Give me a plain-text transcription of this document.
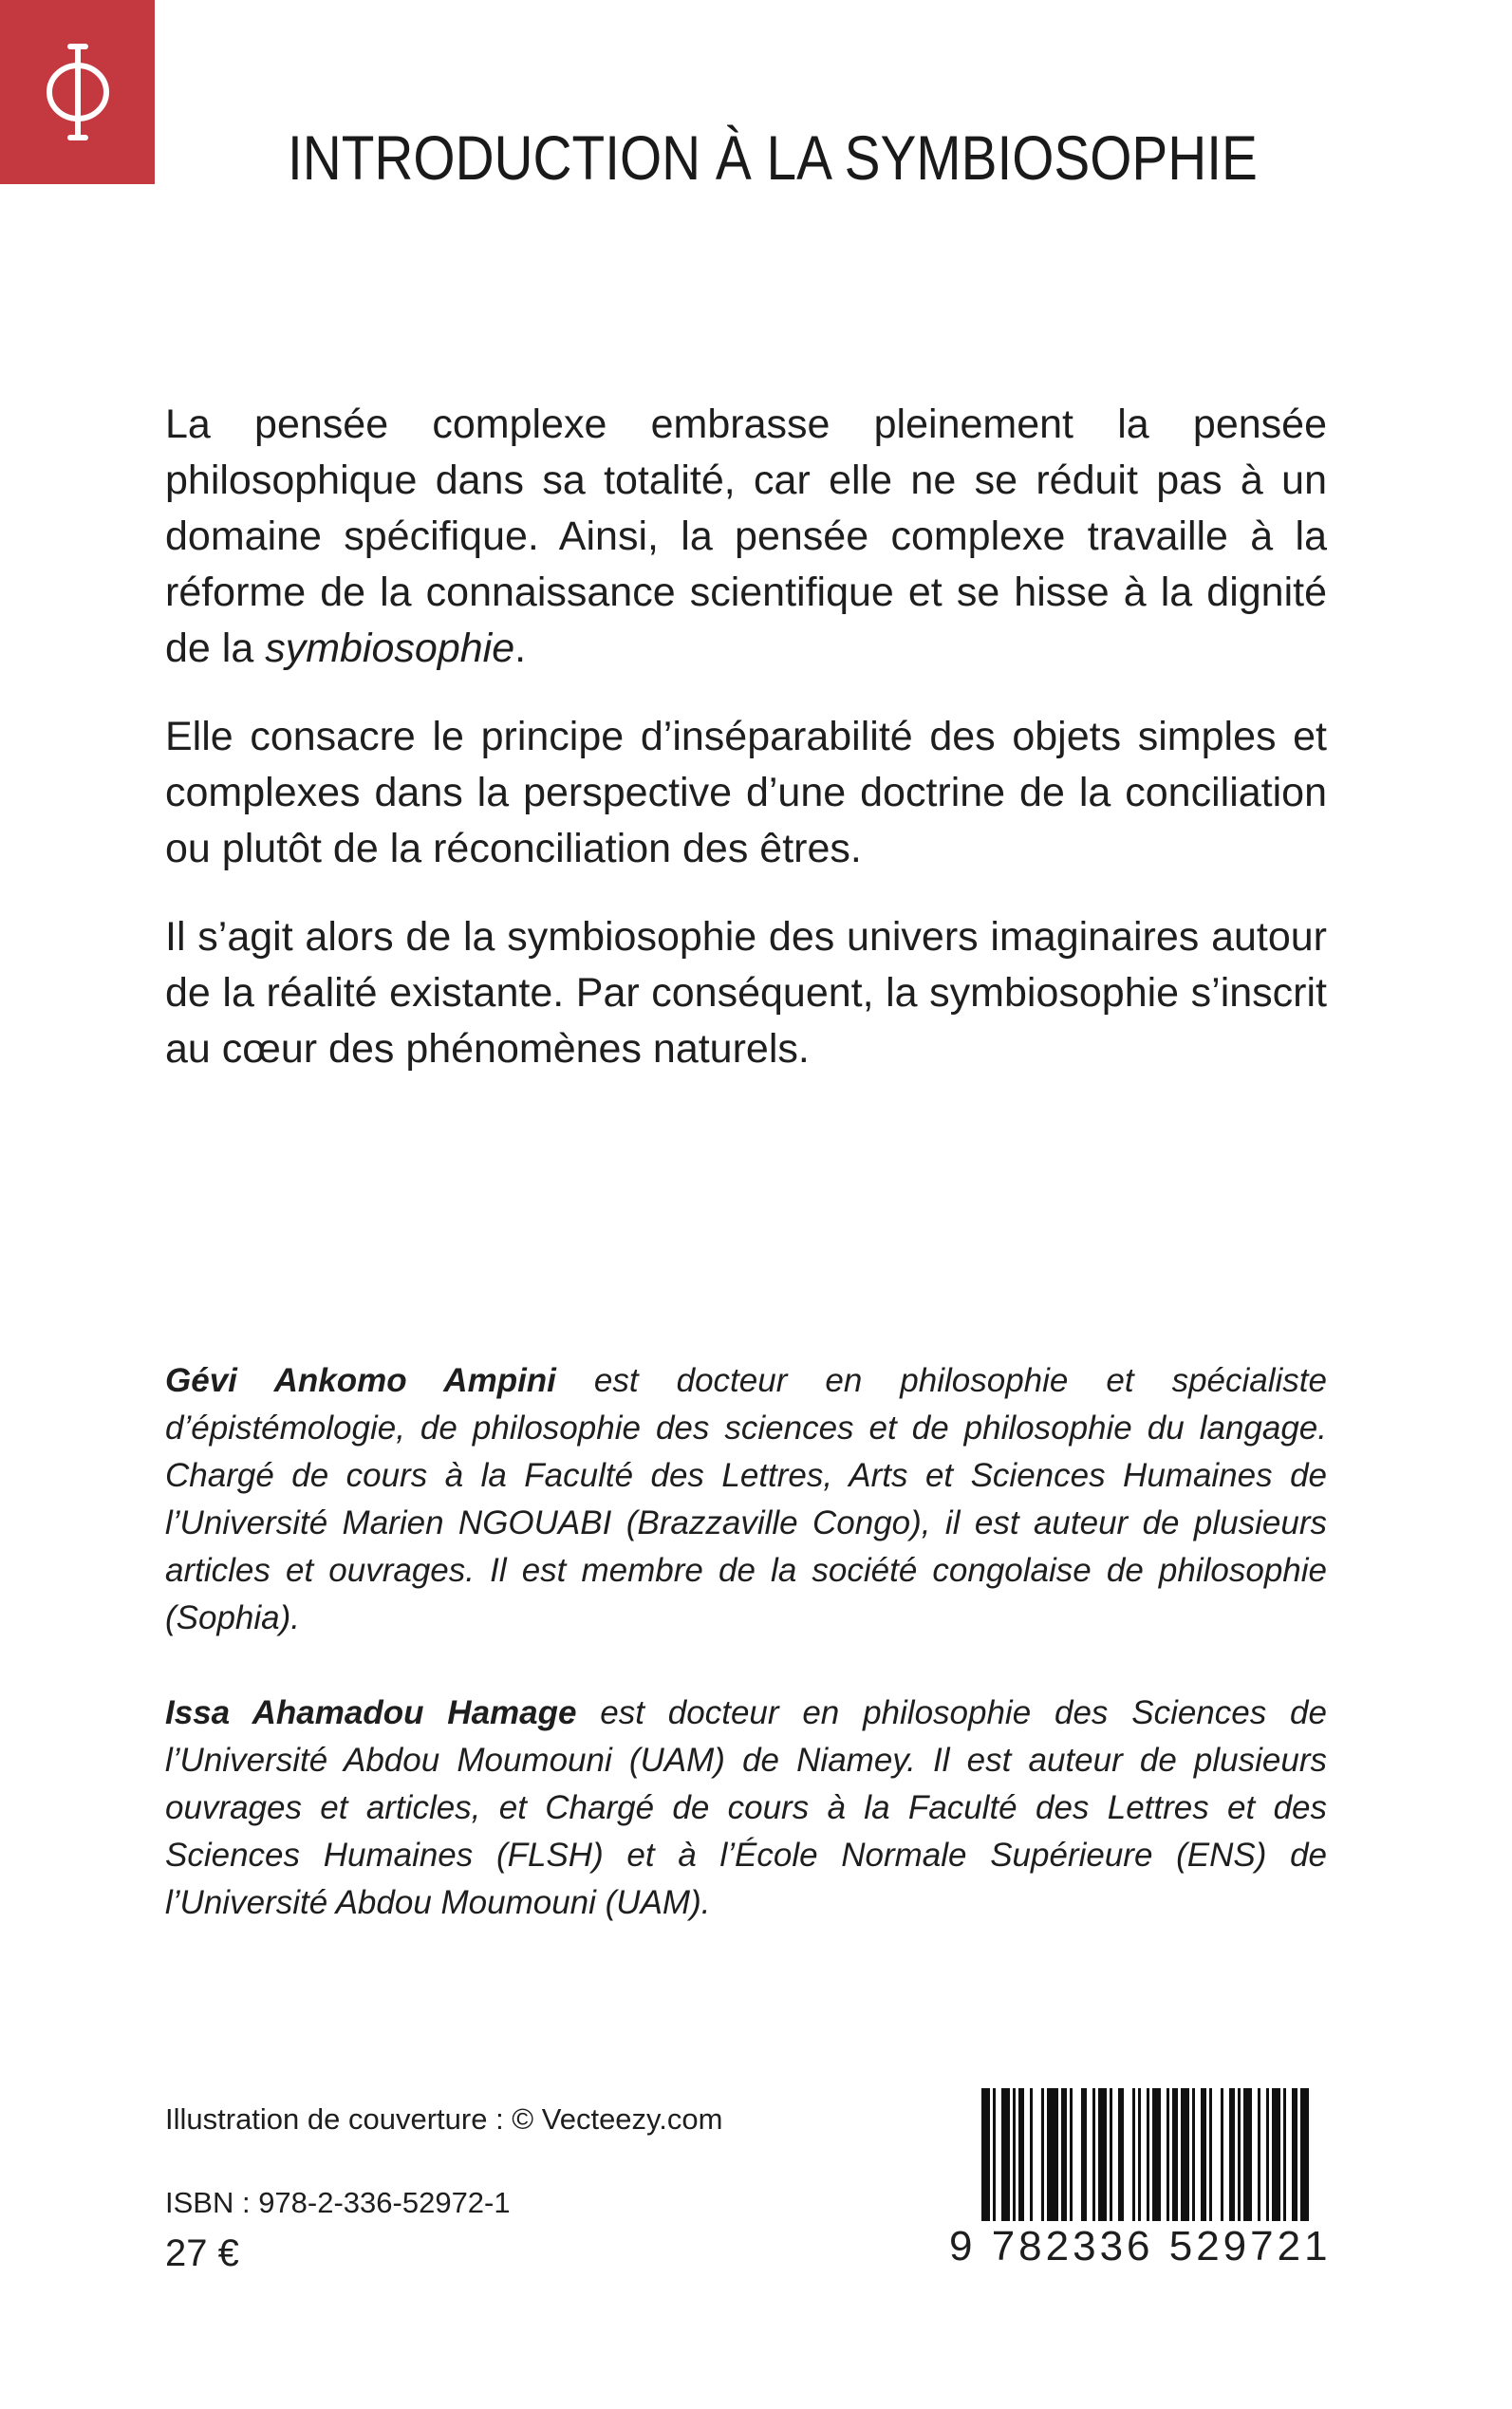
INTRODUCTION À LA SYMBIOSOPHIE

La pensée complexe embrasse pleinement la pensée philosophique dans sa totalité, car elle ne se réduit pas à un domaine spécifique. Ainsi, la pensée complexe travaille à la réforme de la connaissance scientifique et se hisse à la dignité de la symbiosophie.

Elle consacre le principe d’inséparabilité des objets simples et complexes dans la perspective d’une doctrine de la conciliation ou plutôt de la réconciliation des êtres.

Il s’agit alors de la symbiosophie des univers imaginaires autour de la réalité existante. Par conséquent, la symbiosophie s’inscrit au cœur des phénomènes naturels.

Gévi Ankomo Ampini est docteur en philosophie et spécialiste d’épistémologie, de philosophie des sciences et de philosophie du langage. Chargé de cours à la Faculté des Lettres, Arts et Sciences Humaines de l’Université Marien NGOUABI (Brazzaville Congo), il est auteur de plusieurs articles et ouvrages. Il est membre de la société congolaise de philosophie (Sophia).

Issa Ahamadou Hamage est docteur en philosophie des Sciences de l’Université Abdou Moumouni (UAM) de Niamey. Il est auteur de plusieurs ouvrages et articles, et Chargé de cours à la Faculté des Lettres et des Sciences Humaines (FLSH) et à l’École Normale Supérieure (ENS) de l’Université Abdou Moumouni (UAM).

Illustration de couverture : © Vecteezy.com
ISBN : 978-2-336-52972-1
27 €	9 782336 529721
